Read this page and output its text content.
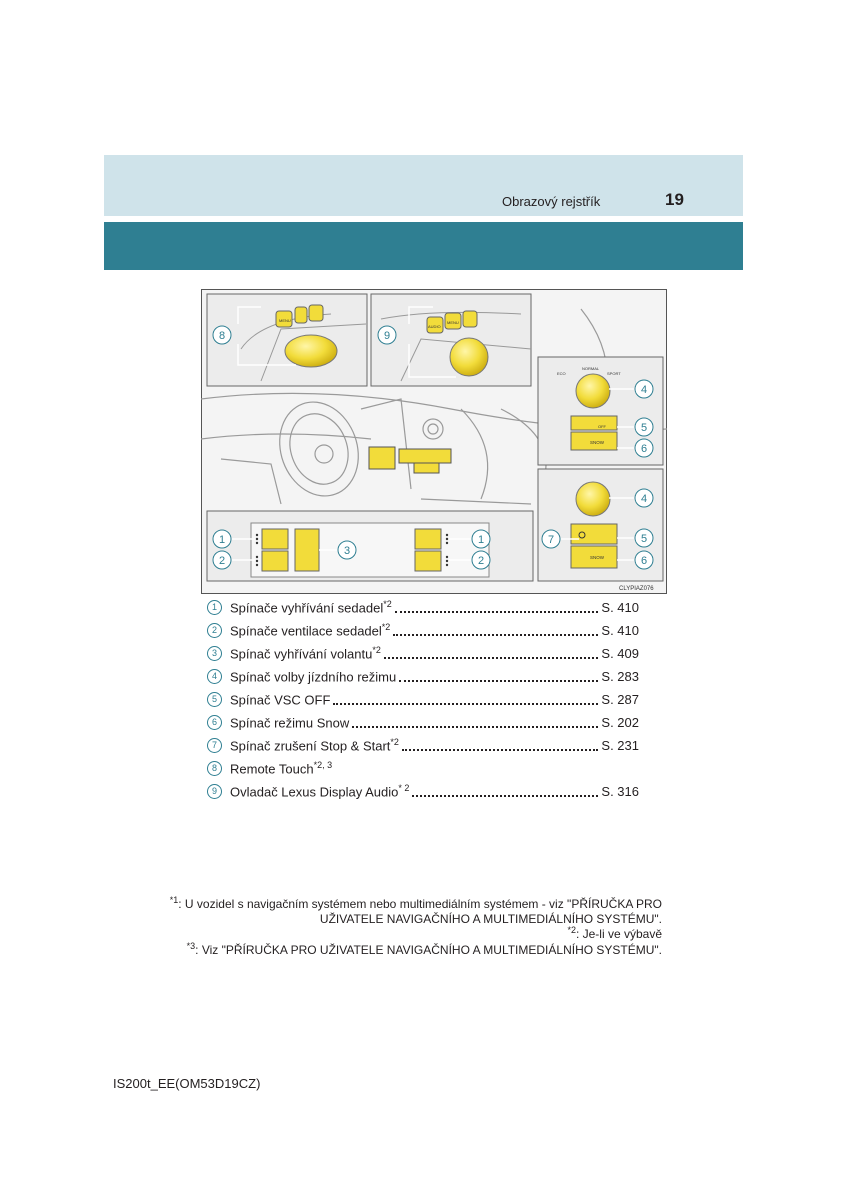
Obrazový rejstřík	19
MENU
AUDIO
MENU
ECO
NORMAL
SPORT
OFF
SNOW
SNOW
8	9
4
5
6
4
5
6
7
1
2
3
1
2
CLYPIAZ076
1	Spínače vyhřívání sedadel$^{*2}$	S. 410
2	Spínače ventilace sedadel$^{*2}$	S. 410
3	Spínač vyhřívání volantu$^{*2}$	S. 409
4	Spínač volby jízdního režimu	S. 283
5	Spínač VSC OFF	S. 287
6	Spínač režimu Snow	S. 202
7	Spínač zrušení Stop & Start$^{*2}$	S. 231
8	Remote Touch$^{*2, 3}$
9	Ovladač Lexus Display Audio$^{* 2}$	S. 316
$^{*1}$: U vozidel s navigačním systémem nebo multimediálním systémem - viz "PŘÍRUČKA PRO UŽIVATELE NAVIGAČNÍHO A MULTIMEDIÁLNÍHO SYSTÉMU".
$^{*2}$: Je-li ve výbavě
$^{*3}$: Viz "PŘÍRUČKA PRO UŽIVATELE NAVIGAČNÍHO A MULTIMEDIÁLNÍHO SYSTÉMU".
IS200t_EE(OM53D19CZ)
